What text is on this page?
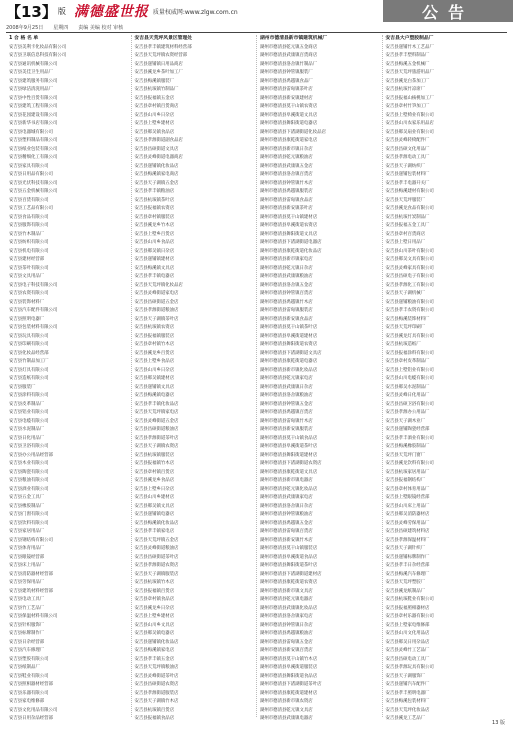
【13】 版 满德盛世报 质量权威网:www.zlgw.com.cn	公告
2008年9月25日 星期四 责编 美编 校对 审核
1 合 格 名 单
安吉县美利卡化妆品有限公司
安吉县卫联信息科技有限公司
安吉县通讯机械有限公司
安吉县美佳卫生用品厂
安吉县建筑服务有限公司
安吉县绿洁清洗用品厂
安吉县中性百货有限公司
安吉县建筑工程有限公司
安吉县花园建设有限公司
安吉县新华书店有限公司
安吉县电器城有限公司
安吉县塑料制品有限公司
安吉县纸业包装有限公司
安吉县精细化工有限公司
安吉县家具有限公司
安吉县日用品有限公司
安吉县光伏科技有限公司
安吉县五金机械有限公司
安吉县百货有限公司
安吉县工艺品有限公司
安吉县食品有限公司
安吉县服饰有限公司
安吉县竹木制品厂
安吉县纺织有限公司
安吉县机电有限公司
安吉县建材经营部
安吉县茶叶有限公司
安吉县文具用品厂
安吉县电子科技有限公司
安吉县农资有限公司
安吉县装饰材料厂
安吉县汽车配件有限公司
安吉县照明电器厂
安吉县包装材料有限公司
安吉县玩具有限公司
安吉县印刷有限公司
安吉县化妆品经营部
安吉县竹制品加工厂
安吉县灯具有限公司
安吉县造纸有限公司
安吉县服装厂
安吉县涂料有限公司
安吉县皮革制品厂
安吉县铝业有限公司
安吉县电缆有限公司
安吉县水泥制品厂
安吉县日化用品厂
安吉县卫浴有限公司
安吉县办公用品经营部
安吉县木业有限公司
安吉县陶瓷有限公司
安吉县粮油有限公司
安吉县酒业有限公司
安吉县五金工具厂
安吉县橡胶制品厂
安吉县门窗有限公司
安吉县饮料有限公司
安吉县家居用品厂
安吉县钢结构有限公司
安吉县体育用品厂
安吉县眼镜经营部
安吉县床上用品厂
安吉县消防器材经营部
安吉县劳保用品厂
安吉县建筑材料经营部
安吉县电动工具厂
安吉县竹工艺品厂
安吉县保温材料有限公司
安吉县针织服饰厂
安吉县标牌制作厂
安吉县日杂经营部
安吉县汽车修理厂
安吉县塑胶有限公司
安吉县纸制品厂
安吉县鞋业有限公司
安吉县照相器材经营部
安吉县乐器有限公司
安吉县家电维修部
安吉县文化用品有限公司
安吉县日用杂品经营部
安吉县天荒坪风景区管理处
安吉县孝丰镇建筑材料经营部
安吉县天荒坪镇农资经营部
安吉县递铺镇日用品商店
安吉县溪龙乡茶叶加工厂
安吉县梅溪镇服装厂
安吉县杭垓镇竹制品厂
安吉县报福镇五金店
安吉县章村镇百货商店
安吉县山川乡日杂店
安吉县上墅乡建材店
安吉县鄣吴镇食品店
安吉县孝源街道副食品店
安吉县昌硕街道文具店
安吉县灵峰街道电器商店
安吉县递铺镇化妆品店
安吉县梅溪镇家电商店
安吉县天子湖镇五金店
安吉县孝丰镇粮油店
安吉县杭垓镇茶叶店
安吉县报福镇农资店
安吉县章村镇服装店
安吉县溪龙乡竹木店
安吉县上墅乡百货店
安吉县山川乡食品店
安吉县鄣吴镇日杂店
安吉县递铺镇建材店
安吉县梅溪镇文具店
安吉县孝丰镇电器店
安吉县天荒坪镇化妆品店
安吉县灵峰街道家电店
安吉县昌硕街道五金店
安吉县孝源街道粮油店
安吉县天子湖镇茶叶店
安吉县杭垓镇农资店
安吉县报福镇服装店
安吉县章村镇竹木店
安吉县溪龙乡百货店
安吉县上墅乡食品店
安吉县山川乡日杂店
安吉县鄣吴镇建材店
安吉县递铺镇文具店
安吉县梅溪镇电器店
安吉县孝丰镇化妆品店
安吉县天荒坪镇家电店
安吉县灵峰街道五金店
安吉县昌硕街道粮油店
安吉县孝源街道茶叶店
安吉县天子湖镇农资店
安吉县杭垓镇服装店
安吉县报福镇竹木店
安吉县章村镇百货店
安吉县溪龙乡食品店
安吉县上墅乡日杂店
安吉县山川乡建材店
安吉县鄣吴镇文具店
安吉县递铺镇电器店
安吉县梅溪镇化妆品店
安吉县孝丰镇家电店
安吉县天荒坪镇五金店
安吉县灵峰街道粮油店
安吉县昌硕街道茶叶店
安吉县孝源街道农资店
安吉县天子湖镇服装店
安吉县杭垓镇竹木店
安吉县报福镇百货店
安吉县章村镇食品店
安吉县溪龙乡日杂店
安吉县上墅乡建材店
安吉县山川乡文具店
安吉县鄣吴镇电器店
安吉县递铺镇化妆品店
安吉县梅溪镇家电店
安吉县孝丰镇五金店
安吉县天荒坪镇粮油店
安吉县灵峰街道茶叶店
安吉县昌硕街道农资店
安吉县孝源街道服装店
安吉县天子湖镇竹木店
安吉县杭垓镇百货店
安吉县报福镇食品店
湖州市德清县新市镇建筑机械厂
湖州市德清县乾元镇五金商店
湖州市德清县武康镇百货商店
湖州市德清县洛舍镇竹制品厂
湖州市德清县钟管镇服装厂
湖州市德清县禹越镇食品厂
湖州市德清县雷甸镇茶叶店
湖州市德清县新安镇建材店
湖州市德清县莫干山镇农资店
湖州市德清县阜溪街道文具店
湖州市德清县舞阳街道电器店
湖州市德清县下渚湖街道化妆品店
湖州市德清县康乾街道家电店
湖州市德清县新市镇日杂店
湖州市德清县乾元镇粮油店
湖州市德清县武康镇五金店
湖州市德清县洛舍镇百货店
湖州市德清县钟管镇竹木店
湖州市德清县禹越镇服装店
湖州市德清县雷甸镇食品店
湖州市德清县新安镇茶叶店
湖州市德清县莫干山镇建材店
湖州市德清县阜溪街道农资店
湖州市德清县舞阳街道文具店
湖州市德清县下渚湖街道电器店
湖州市德清县康乾街道化妆品店
湖州市德清县新市镇家电店
湖州市德清县乾元镇日杂店
湖州市德清县武康镇粮油店
湖州市德清县洛舍镇五金店
湖州市德清县钟管镇百货店
湖州市德清县禹越镇竹木店
湖州市德清县雷甸镇服装店
湖州市德清县新安镇食品店
湖州市德清县莫干山镇茶叶店
湖州市德清县阜溪街道建材店
湖州市德清县舞阳街道农资店
湖州市德清县下渚湖街道文具店
湖州市德清县康乾街道电器店
湖州市德清县新市镇化妆品店
湖州市德清县乾元镇家电店
湖州市德清县武康镇日杂店
湖州市德清县洛舍镇粮油店
湖州市德清县钟管镇五金店
湖州市德清县禹越镇百货店
湖州市德清县雷甸镇竹木店
湖州市德清县新安镇服装店
湖州市德清县莫干山镇食品店
湖州市德清县阜溪街道茶叶店
湖州市德清县舞阳街道建材店
湖州市德清县下渚湖街道农资店
湖州市德清县康乾街道文具店
湖州市德清县新市镇电器店
湖州市德清县乾元镇化妆品店
湖州市德清县武康镇家电店
湖州市德清县洛舍镇日杂店
湖州市德清县钟管镇粮油店
湖州市德清县禹越镇五金店
湖州市德清县雷甸镇百货店
湖州市德清县新安镇竹木店
湖州市德清县莫干山镇服装店
湖州市德清县阜溪街道食品店
湖州市德清县舞阳街道茶叶店
湖州市德清县下渚湖街道建材店
湖州市德清县康乾街道农资店
湖州市德清县新市镇文具店
湖州市德清县乾元镇电器店
湖州市德清县武康镇化妆品店
湖州市德清县洛舍镇家电店
湖州市德清县钟管镇日杂店
湖州市德清县禹越镇粮油店
湖州市德清县雷甸镇五金店
湖州市德清县新安镇百货店
湖州市德清县莫干山镇竹木店
湖州市德清县阜溪街道服装店
湖州市德清县舞阳街道食品店
湖州市德清县下渚湖街道茶叶店
湖州市德清县康乾街道建材店
湖州市德清县新市镇农资店
湖州市德清县乾元镇文具店
湖州市德清县武康镇电器店
安吉县大户塑胶制品厂
安吉县递铺竹木工艺品厂
安吉县孝丰塑料制品厂
安吉县梅溪五金机械厂
安吉县天荒坪旅游用品厂
安吉县溪龙白茶加工厂
安吉县杭垓竹凉席厂
安吉县报福山核桃加工厂
安吉县章村竹笋加工厂
安吉县上墅椅业有限公司
安吉县山川农家乐用品店
安吉县鄣吴扇业有限公司
安吉县灵峰转椅配件厂
安吉县昌硕文化用品厂
安吉县孝源电动工具厂
安吉县天子湖纺织厂
安吉县递铺包装材料厂
安吉县孝丰电器开关厂
安吉县梅溪建材有限公司
安吉县天荒坪服装厂
安吉县溪龙食品有限公司
安吉县杭垓竹炭制品厂
安吉县报福五金工具厂
安吉县章村百货商店
安吉县上墅日用品厂
安吉县山川茶叶有限公司
安吉县鄣吴文具有限公司
安吉县灵峰家具有限公司
安吉县昌硕电子有限公司
安吉县孝源化工有限公司
安吉县天子湖机械厂
安吉县递铺粮油有限公司
安吉县孝丰农资有限公司
安吉县梅溪装饰材料厂
安吉县天荒坪印刷厂
安吉县溪龙灯具有限公司
安吉县杭垓造纸厂
安吉县报福涂料有限公司
安吉县章村皮革制品厂
安吉县上墅铝业有限公司
安吉县山川电缆有限公司
安吉县鄣吴水泥制品厂
安吉县灵峰日化用品厂
安吉县昌硕卫浴有限公司
安吉县孝源办公用品厂
安吉县天子湖木业厂
安吉县递铺陶瓷经营部
安吉县孝丰酒业有限公司
安吉县梅溪橡胶制品厂
安吉县天荒坪门窗厂
安吉县溪龙饮料有限公司
安吉县杭垓家居用品厂
安吉县报福钢结构厂
安吉县章村体育用品厂
安吉县上墅眼镜经营部
安吉县山川床上用品厂
安吉县鄣吴消防器材店
安吉县灵峰劳保用品厂
安吉县昌硕建筑材料店
安吉县孝源保温材料厂
安吉县天子湖针织厂
安吉县递铺标牌制作厂
安吉县孝丰日杂经营部
安吉县梅溪汽车修理厂
安吉县天荒坪塑胶厂
安吉县溪龙纸制品厂
安吉县杭垓鞋业有限公司
安吉县报福照相器材店
安吉县章村乐器有限公司
安吉县上墅家电维修部
安吉县山川文化用品店
安吉县鄣吴日用杂品店
安吉县灵峰竹工艺品厂
安吉县昌硕电动工具厂
安吉县孝源玩具有限公司
安吉县天子湖服饰厂
安吉县递铺汽车配件厂
安吉县孝丰照明电器厂
安吉县梅溪包装材料厂
安吉县天荒坪化妆品店
安吉县溪龙工艺品厂
13 版
